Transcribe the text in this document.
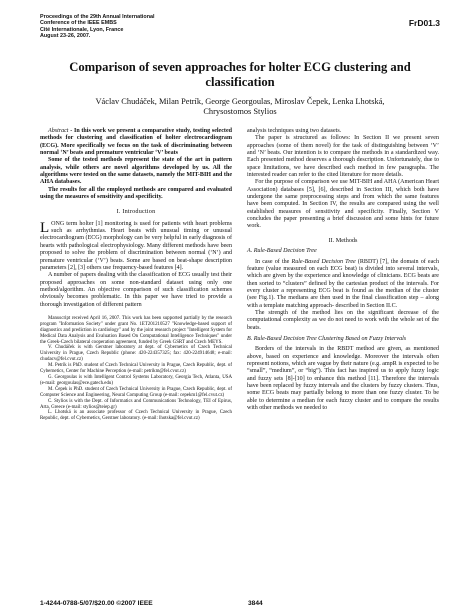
Proceedings of the 29th Annual International
Conference of the IEEE EMBS
Cité Internationale, Lyon, France
August 23-26, 2007.
FrD01.3
Comparison of seven approaches for holter ECG clustering and classification
Václav Chudáček, Milan Petrík, George Georgoulas, Miroslav Čepek, Lenka Lhotská,
Chrysostomos Stylios

Abstract - In this work we present a comparative study, testing selected methods for clustering and classification of holter electrocardiogram (ECG). More specifically we focus on the task of discriminating between normal ‘N’ beats and premature ventricular ‘V’ beats

Some of the tested methods represent the state of the art in pattern analysis, while others are novel algorithms developed by us. All the algorithms were tested on the same datasets, namely the MIT-BIH and the AHA databases.

The results for all the employed methods are compared and evaluated using the measures of sensitivity and specificity.

I. Introduction

LONG term holter [1] monitoring is used for patients with heart problems such as arrhythmias. Heart beats with unusual timing or unusual electrocardiogram (ECG) morphology can be very helpful in early diagnosis of hearts with pathological electrophysiology. Many different methods have been proposed to solve the problem of discrimination between normal (‘N’) and premature ventricular (‘V’) beats. Some are based on beat-shape description parameters [2], [3] others use frequency-based features [4].

A number of papers dealing with the classification of ECG usually test their proposed approaches on some non-standard dataset using only one method/algorithm. An objective comparison of such classification schemes obviously becomes problematic. In this paper we have tried to provide a thorough investigation of different pattern

Manuscript received April 16, 2007. This work has been supported partially by the research program "Information Society" under grant No. 1ET201210527 "Knowledge-based support of diagnostics and prediction in cardiology" and by the joint research project "Intelligent System for Medical Data Analysis and Evaluation Based On Computational Intelligence Techniques" under the Greek-Czech bilateral cooperation agreement, funded by Greek GSRT and Czech MEYS.

V. Chudáček is with Gerstner laboratory at dept. of Cybernetics of Czech Technical University in Prague, Czech Republic (phone: 420-224357325; fax: 420-224914648; e-mail: chudacv@fel.cvut.cz)

M. Petrík is PhD. student of Czech Technical University in Prague, Czech Republic, dept. of Cybernetics, Center for Machine Perception (e-mail: petrikm@fel.cvut.cz)

G. Georgoulas is with Intelligent Control Systems Laboratory, Georgia Tech, Atlanta, USA (e-mail: georgoulas@ece.gatech.edu)

M. Čepek is PhD. student of Czech Technical University in Prague, Czech Republic, dept. of Computer Science and Engineering, Neural Computing Group (e-mail: cepekm1@fel.cvut.cz)

C. Stylios is with the Dept. of Informatics and Communications Technology, TEI of Epirus, Arta, Greece (e-mail: stylios@teiep.gr)

L. Lhotská is an associate professor of Czech Technical University in Prague, Czech Republic, dept. of Cybernetics, Gerstner laboratory. (e-mail: lhotska@fel.cvut.cz)

analysis techniques using two datasets.

The paper is structured as follows: In Section II we present seven approaches (some of them novel) for the task of distinguishing between ‘V’ and ‘N’ beats. Our intention is to compare the methods in a standardized way. Each presented method deserves a thorough description. Unfortunately, due to space limitations, we have described each method in few paragraphs. The interested reader can refer to the cited literature for more details.

For the purpose of comparison we use MIT-BIH and AHA (American Heart Association) databases [5], [6], described in Section III, which both have undergone the same preprocessing steps and from which the same features have been computed. In Section IV, the results are compared using the well established measures of sensitivity and specificity. Finally, Section V concludes the paper presenting a brief discussion and some hints for future work.

II. Methods
A. Rule-Based Decision Tree

In case of the Rule-Based Decision Tree (RBDT) [7], the domain of each feature (value measured on each ECG beat) is divided into several intervals, which are given by the experience and knowledge of clinicians. ECG beats are then sorted to “clusters” defined by the cartesian product of the intervals. For every cluster a representing ECG beat is found as the median of the cluster (see Fig.1). The medians are then used in the final classification step – along with a template matching approach- described in Section II.C.

The strength of the method lies on the significant decrease of the computational complexity as we do not need to work with the whole set of the beats.

B. Rule-Based Decision Tree Clustering Based on Fuzzy Intervals

Borders of the intervals in the RBDT method are given, as mentioned above, based on experience and knowledge. Moreover the intervals often represent notions, which are vague by their nature (e.g. ampR is expected to be “small”, “medium”, or “big”). This fact has inspired us to apply fuzzy logic and fuzzy sets [8]-[10] to enhance this method [11]. Therefore the intervals have been replaced by fuzzy intervals and the clusters by fuzzy clusters. Thus, some ECG beats may partially belong to more than one fuzzy cluster. To be able to determine a median for each fuzzy cluster and to compare the results with other methods we needed to

1-4244-0788-5/07/$20.00 ©2007 IEEE	3844
